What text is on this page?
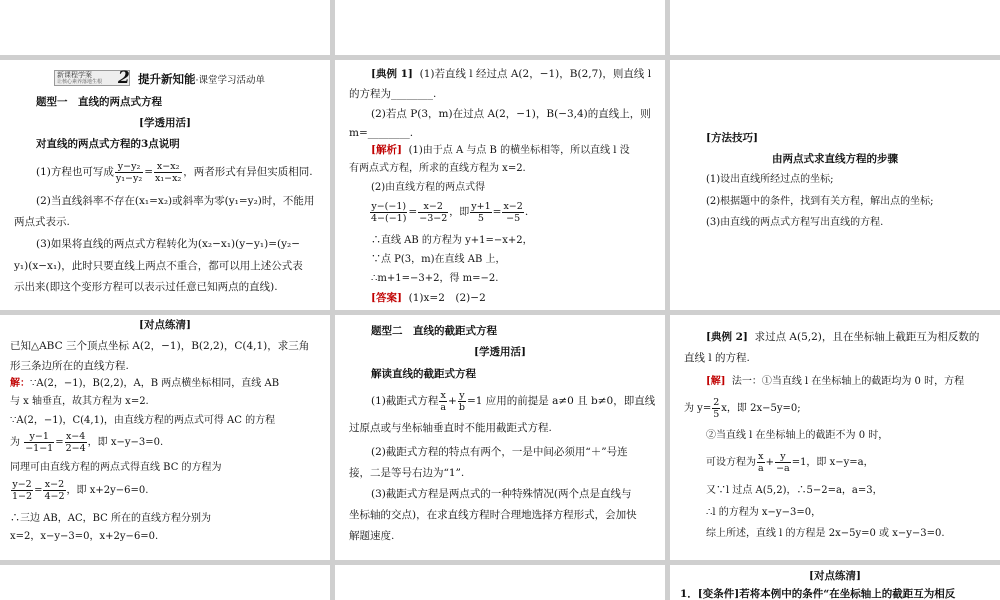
新课程学案
让核心素养落地生根 2 提升新知能·课堂学习活动单
题型一　直线的两点式方程
[学透用活]
对直线的两点式方程的3点说明
(1)方程也可写成 $\frac{\text{y−y₂}}{\text{y₁−y₂}} = \frac{\text{x−x₂}}{\text{x₁−x₂}}$ ，两者形式有异但实质相同.
(2)当直线斜率不存在(x₁=x₂)或斜率为零(y₁=y₂)时，不能用
两点式表示.
(3)如果将直线的两点式方程转化为(x₂−x₁)(y−y₁)=(y₂−
y₁)(x−x₁)，此时只要直线上两点不重合，都可以用上述公式表
示出来(即这个变形方程可以表示过任意已知两点的直线).
[典例 1] (1)若直线 l 经过点 A(2，−1)，B(2,7)，则直线 l
的方程为________.
(2)若点 P(3，m)在过点 A(2，−1)，B(−3,4)的直线上，则
m=________.
[解析] (1)由于点 A 与点 B 的横坐标相等，所以直线 l 没
有两点式方程，所求的直线方程为 x=2.
(2)由直线方程的两点式得
$\frac{y-(-1)}{4-(-1)} = \frac{x-2}{-3-2}$ ，即 $\frac{y+1}{5} = \frac{x-2}{-5}$ .
∴直线 AB 的方程为 y+1=−x+2，
∵点 P(3，m)在直线 AB 上，
∴m+1=−3+2，得 m=−2.
[答案] (1)x=2　(2)−2
[方法技巧]
由两点式求直线方程的步骤
(1)设出直线所经过点的坐标;
(2)根据题中的条件，找到有关方程，解出点的坐标;
(3)由直线的两点式方程写出直线的方程.
[对点练清]
已知△ABC 三个顶点坐标 A(2，−1)，B(2,2)，C(4,1)，求三角
形三条边所在的直线方程.
解：∵A(2，−1)，B(2,2)，A，B 两点横坐标相同，直线 AB
与 x 轴垂直，故其方程为 x=2.
∵A(2，−1)，C(4,1)，由直线方程的两点式可得 AC 的方程
为 $\frac{y-1}{-1-1} = \frac{x-4}{2-4}$ ，即 x−y−3=0.
同理可由直线方程的两点式得直线 BC 的方程为
$\frac{y-2}{1-2} = \frac{x-2}{4-2}$ ，即 x+2y−6=0.
∴三边 AB，AC，BC 所在的直线方程分别为
x=2，x−y−3=0，x+2y−6=0.
题型二　直线的截距式方程
[学透用活]
解读直线的截距式方程
(1)截距式方程 $\frac{x}{a} + \frac{y}{b} =1$ 应用的前提是 a≠0 且 b≠0，即直线
过原点或与坐标轴垂直时不能用截距式方程.
(2)截距式方程的特点有两个，一是中间必须用“＋”号连
接，二是等号右边为“1”.
(3)截距式方程是两点式的一种特殊情况(两个点是直线与
坐标轴的交点)，在求直线方程时合理地选择方程形式，会加快
解题速度.
[典例 2] 求过点 A(5,2)，且在坐标轴上截距互为相反数的
直线 l 的方程.
[解] 法一：①当直线 l 在坐标轴上的截距均为 0 时，方程
为 $y= \frac{2}{5}$ x，即 2x−5y=0;
②当直线 l 在坐标轴上的截距不为 0 时，
可设方程为 $\frac{x}{a} + \frac{y}{-a} =1$，即 x−y=a，
又∵l 过点 A(5,2)，∴5−2=a，a=3，
∴l 的方程为 x−y−3=0，
综上所述，直线 l 的方程是 2x−5y=0 或 x−y−3=0.
[对点练清]
1．[变条件]若将本例中的条件“在坐标轴上的截距互为相反
